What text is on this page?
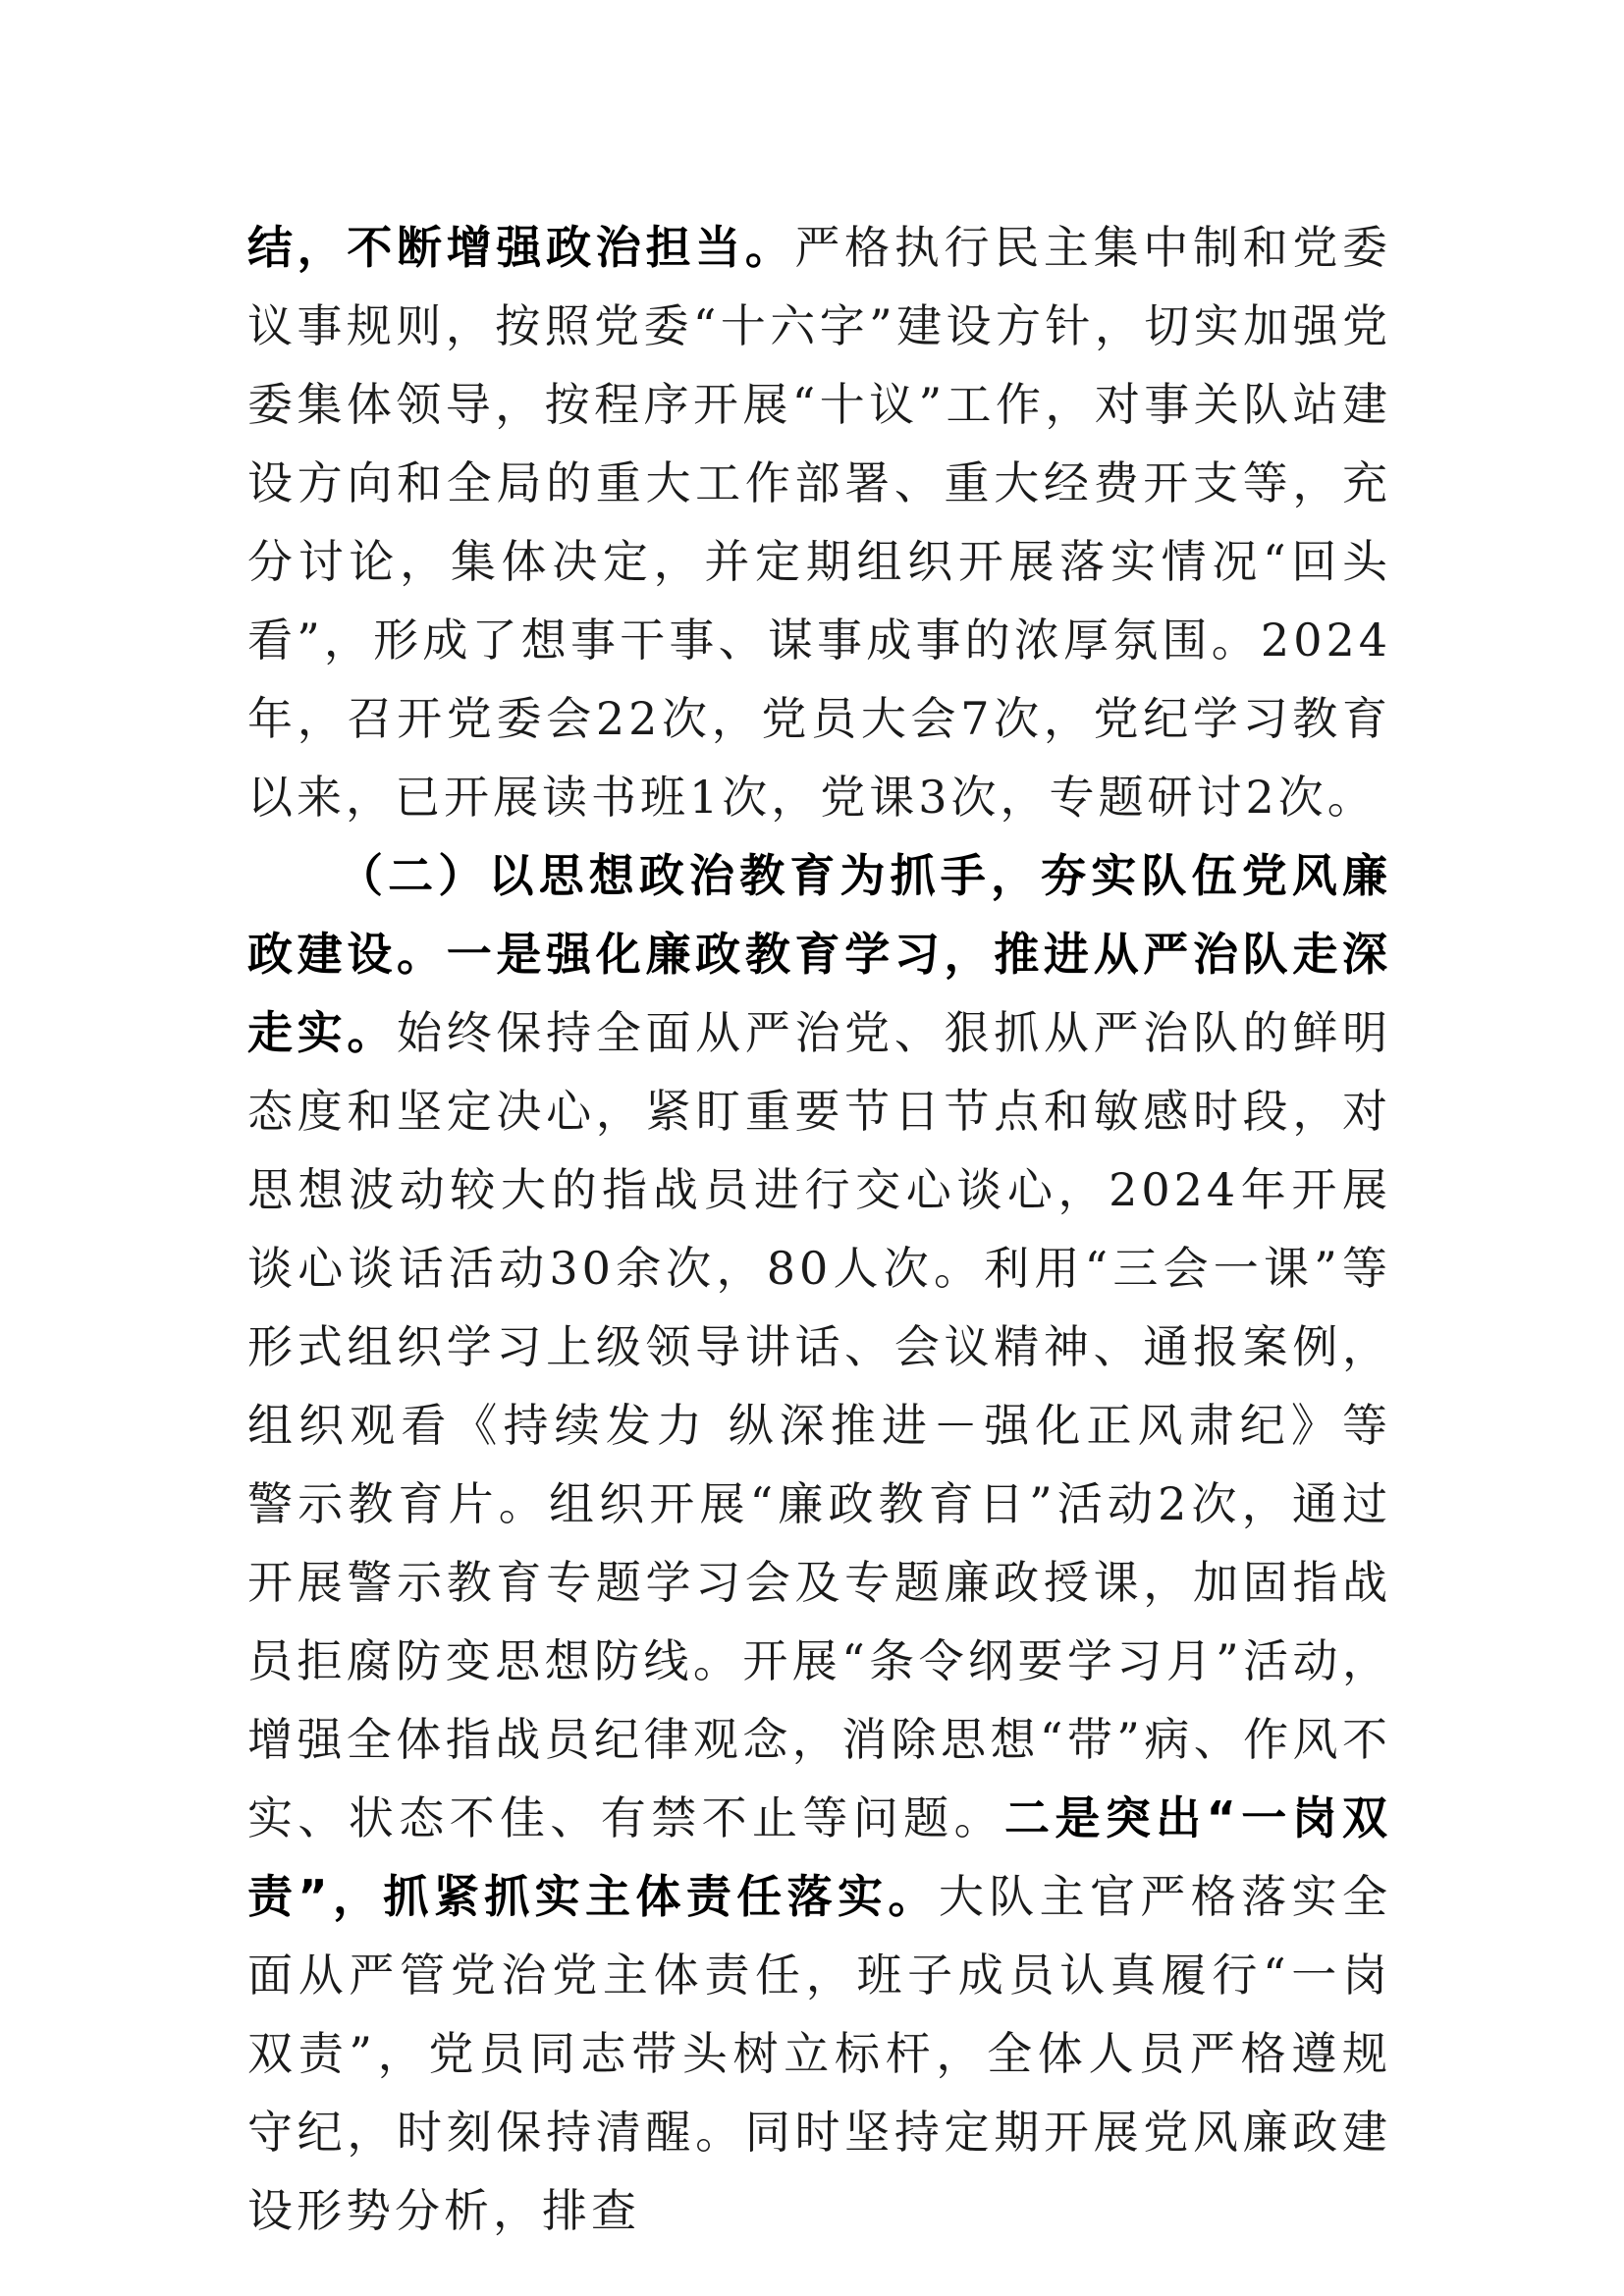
结，不断增强政治担当。严格执行民主集中制和党委议事规则，按照党委“十六字”建设方针，切实加强党委集体领导，按程序开展“十议”工作，对事关队站建设方向和全局的重大工作部署、重大经费开支等，充分讨论，集体决定，并定期组织开展落实情况“回头看”，形成了想事干事、谋事成事的浓厚氛围。2024年，召开党委会22次，党员大会7次，党纪学习教育以来，已开展读书班1次，党课3次，专题研讨2次。

（二）以思想政治教育为抓手，夯实队伍党风廉政建设。一是强化廉政教育学习，推进从严治队走深走实。始终保持全面从严治党、狠抓从严治队的鲜明态度和坚定决心，紧盯重要节日节点和敏感时段，对思想波动较大的指战员进行交心谈心，2024年开展谈心谈话活动30余次，80人次。利用“三会一课”等形式组织学习上级领导讲话、会议精神、通报案例，组织观看《持续发力 纵深推进－强化正风肃纪》等警示教育片。组织开展“廉政教育日”活动2次，通过开展警示教育专题学习会及专题廉政授课，加固指战员拒腐防变思想防线。开展“条令纲要学习月”活动，增强全体指战员纪律观念，消除思想“带”病、作风不实、状态不佳、有禁不止等问题。二是突出“一岗双责”，抓紧抓实主体责任落实。大队主官严格落实全面从严管党治党主体责任，班子成员认真履行“一岗双责”，党员同志带头树立标杆，全体人员严格遵规守纪，时刻保持清醒。同时坚持定期开展党风廉政建设形势分析，排查
